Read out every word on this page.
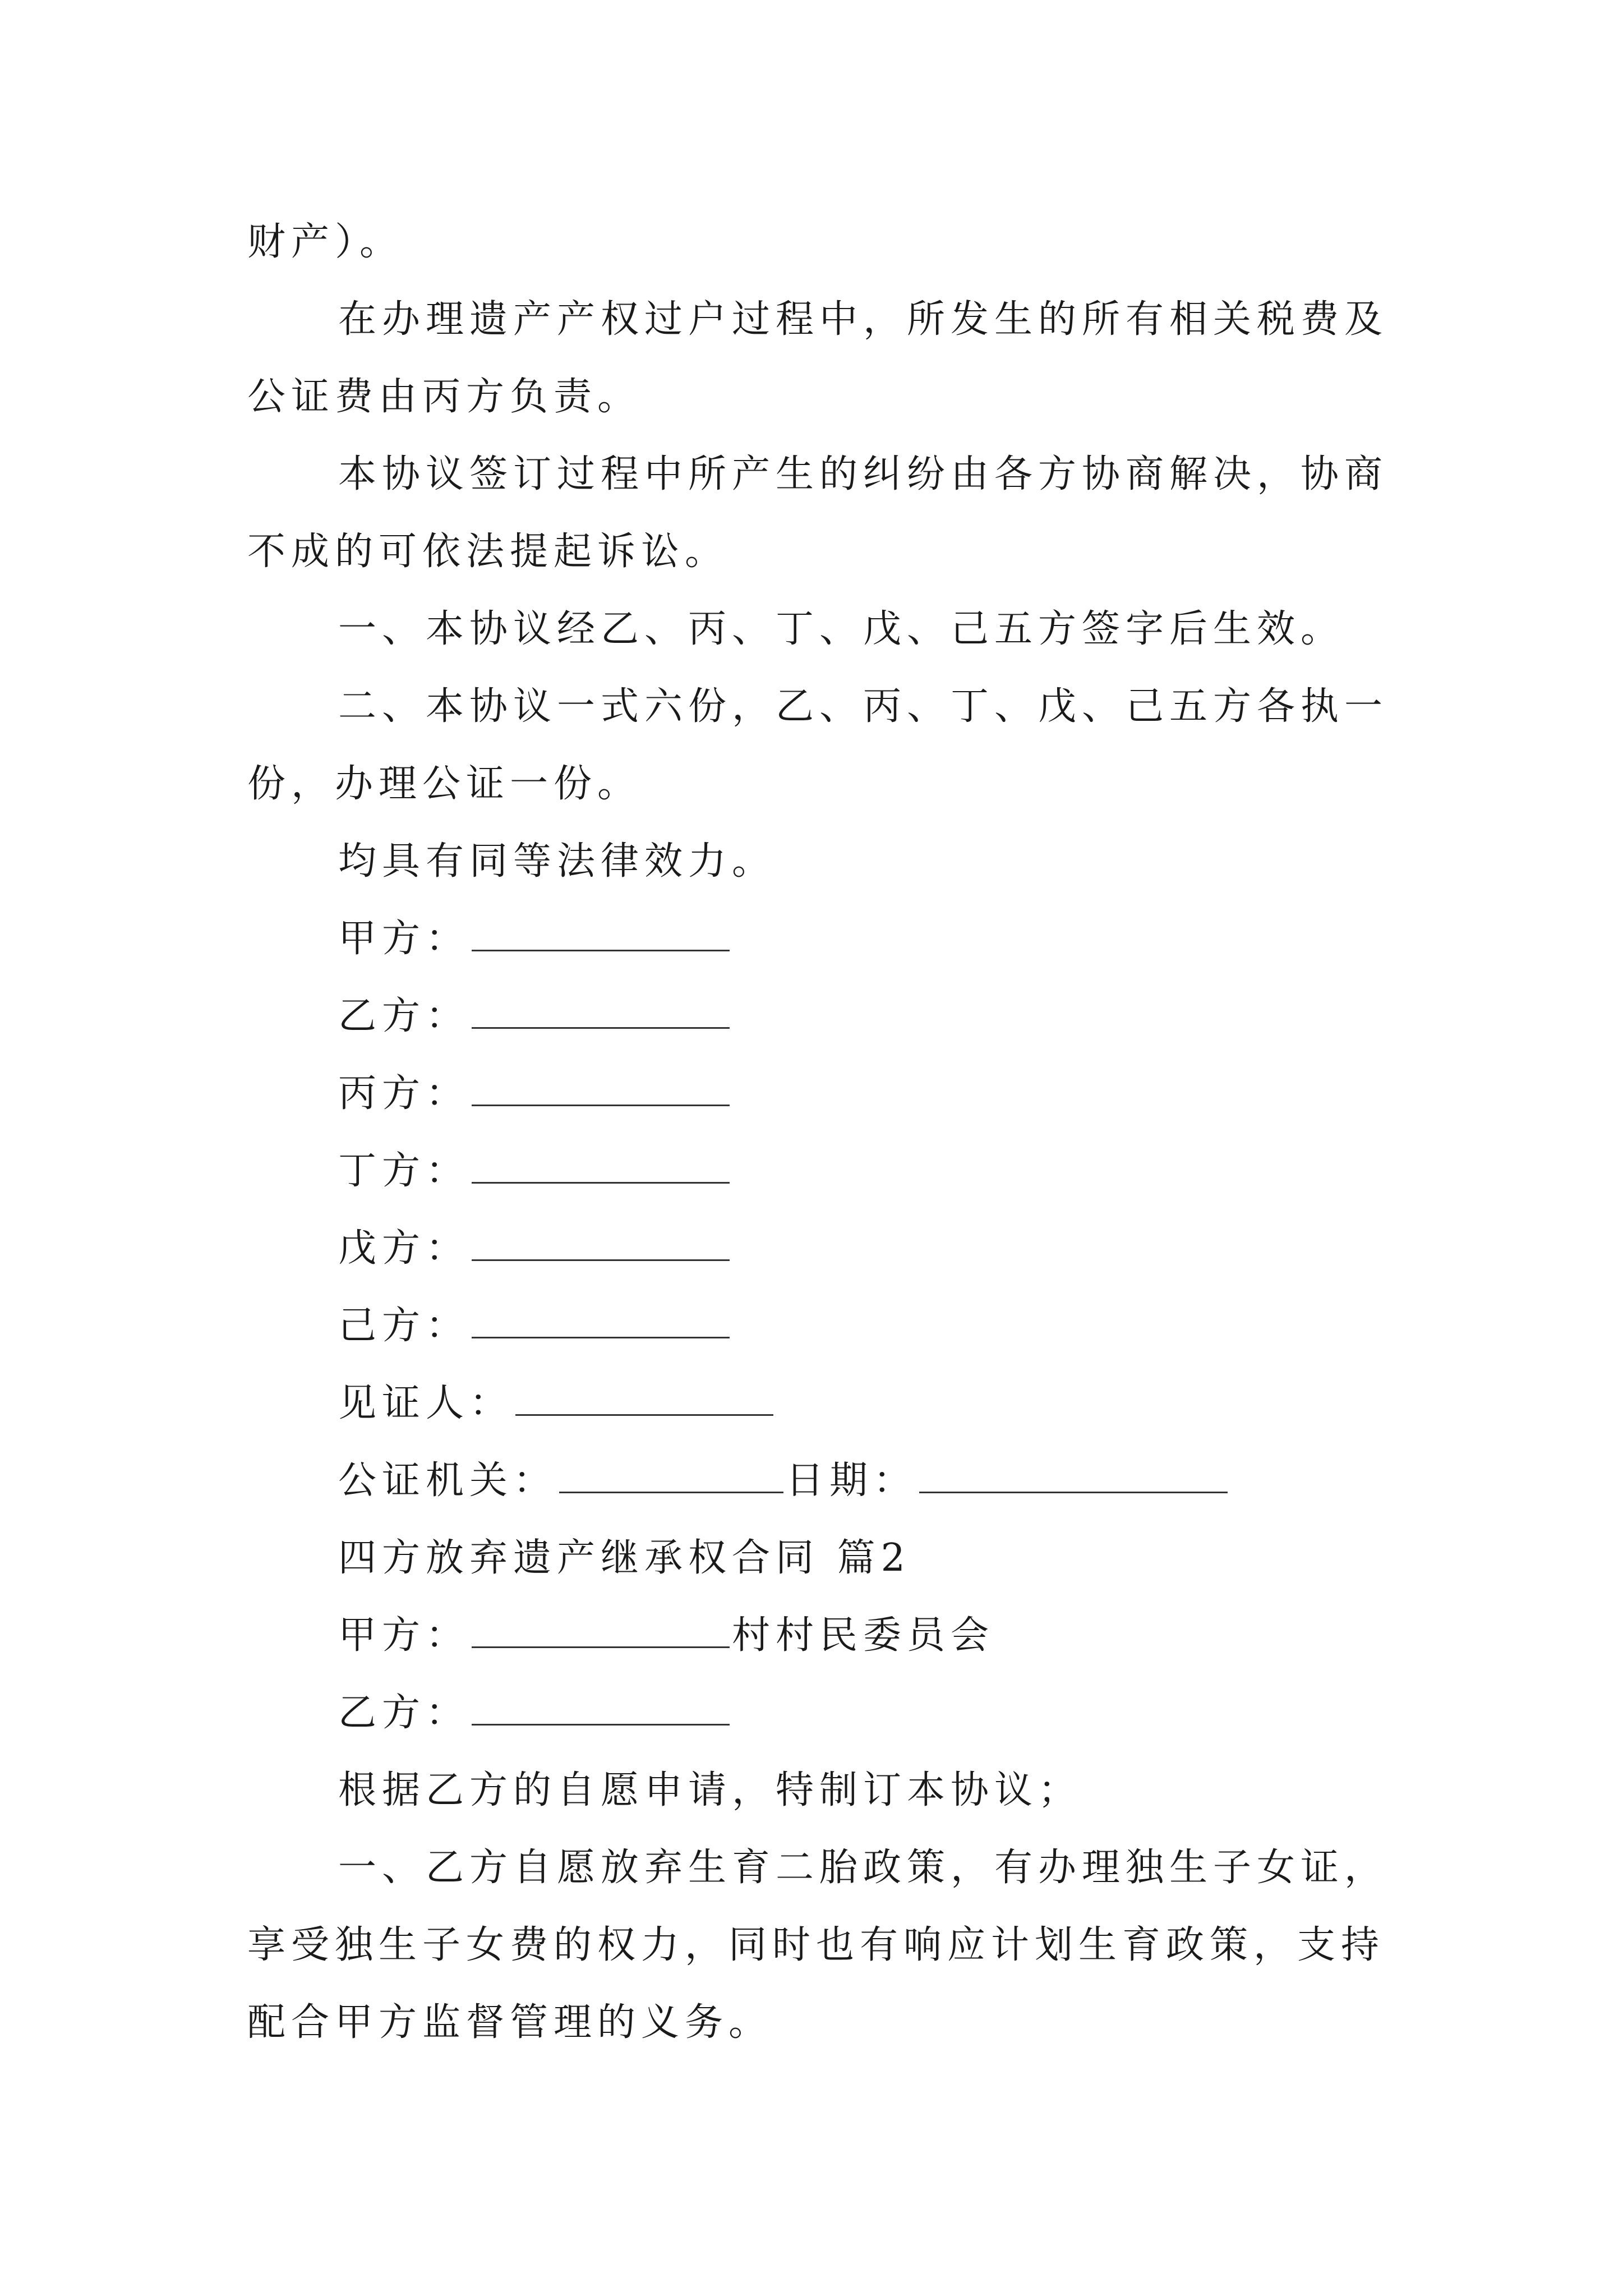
财产）。
在办理遗产产权过户过程中，所发生的所有相关税费及
公证费由丙方负责。
本协议签订过程中所产生的纠纷由各方协商解决，协商
不成的可依法提起诉讼。
一、本协议经乙、丙、丁、戊、己五方签字后生效。
二、本协议一式六份，乙、丙、丁、戊、己五方各执一
份，办理公证一份。
均具有同等法律效力。
甲方：
乙方：
丙方：
丁方：
戊方：
己方：
见证人：
公证机关：	日期：
四方放弃遗产继承权合同 篇2
甲方：	村村民委员会
乙方：
根据乙方的自愿申请，特制订本协议；
一、乙方自愿放弃生育二胎政策，有办理独生子女证，
享受独生子女费的权力，同时也有响应计划生育政策，支持
配合甲方监督管理的义务。
